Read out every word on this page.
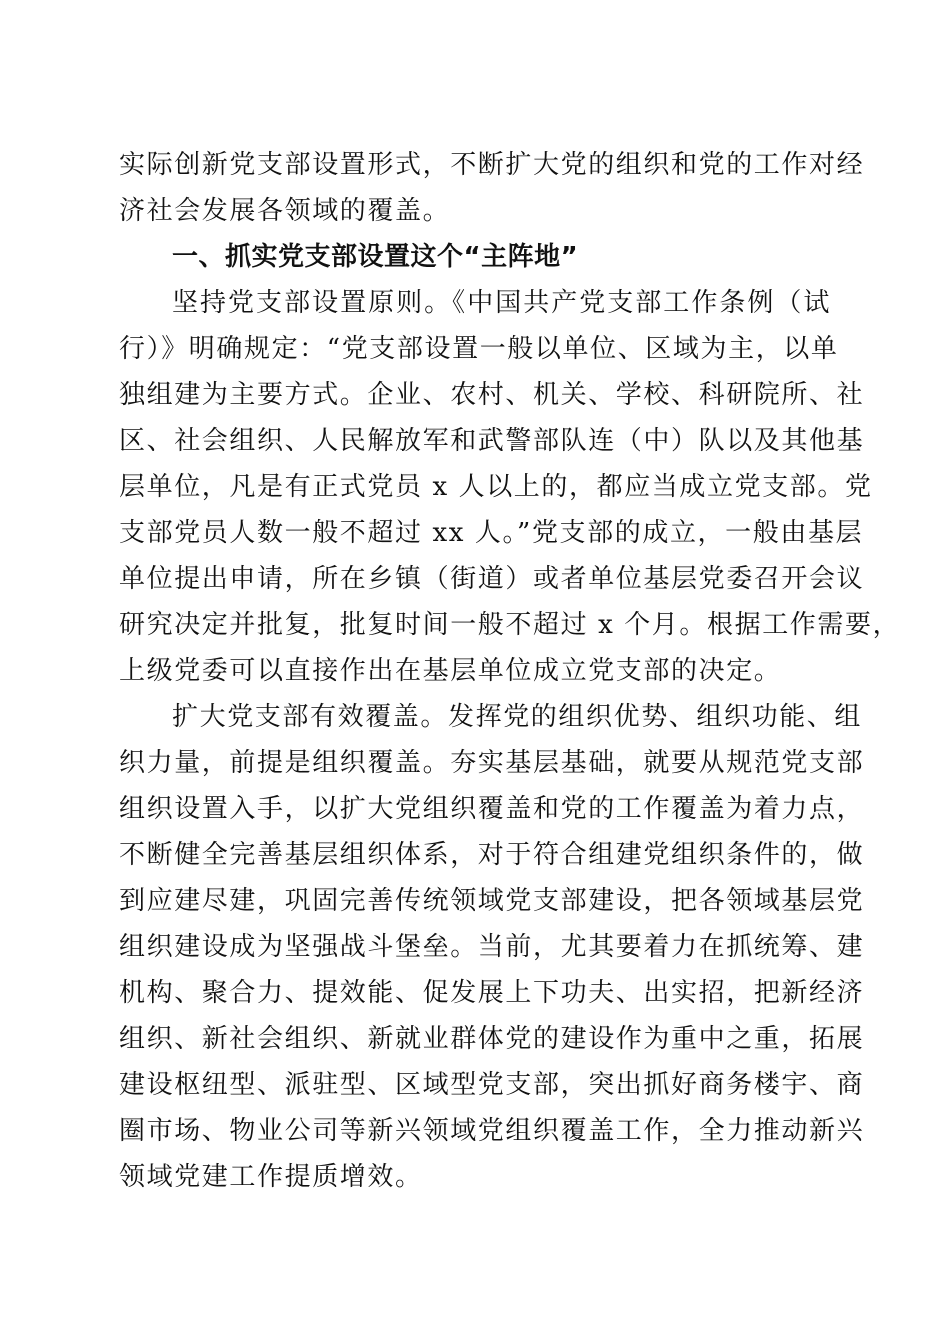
实际创新党支部设置形式，不断扩大党的组织和党的工作对经
济社会发展各领域的覆盖。
一、抓实党支部设置这个“主阵地”
坚持党支部设置原则。《中国共产党支部工作条例（试
行）》明确规定：“党支部设置一般以单位、区域为主，以单
独组建为主要方式。企业、农村、机关、学校、科研院所、社
区、社会组织、人民解放军和武警部队连（中）队以及其他基
层单位，凡是有正式党员 x 人以上的，都应当成立党支部。党
支部党员人数一般不超过 xx 人。”党支部的成立，一般由基层
单位提出申请，所在乡镇（街道）或者单位基层党委召开会议
研究决定并批复，批复时间一般不超过 x 个月。根据工作需要，
上级党委可以直接作出在基层单位成立党支部的决定。
扩大党支部有效覆盖。发挥党的组织优势、组织功能、组
织力量，前提是组织覆盖。夯实基层基础，就要从规范党支部
组织设置入手，以扩大党组织覆盖和党的工作覆盖为着力点，
不断健全完善基层组织体系，对于符合组建党组织条件的，做
到应建尽建，巩固完善传统领域党支部建设，把各领域基层党
组织建设成为坚强战斗堡垒。当前，尤其要着力在抓统筹、建
机构、聚合力、提效能、促发展上下功夫、出实招，把新经济
组织、新社会组织、新就业群体党的建设作为重中之重，拓展
建设枢纽型、派驻型、区域型党支部，突出抓好商务楼宇、商
圈市场、物业公司等新兴领域党组织覆盖工作，全力推动新兴
领域党建工作提质增效。
